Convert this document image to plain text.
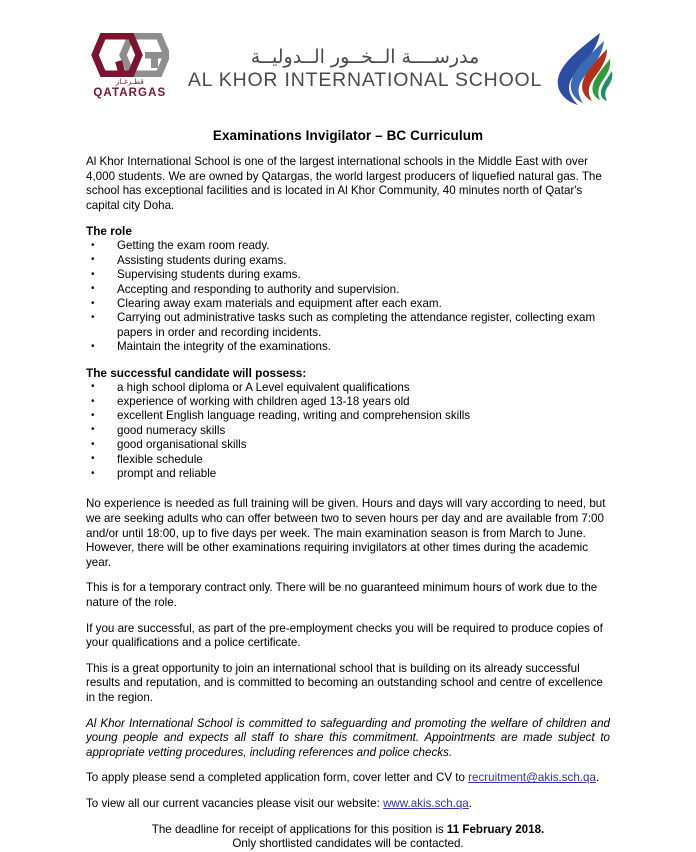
قطـرغـاز
QATARGAS
مدرســــة الــخــور الــدوليــة
AL KHOR INTERNATIONAL SCHOOL
Examinations Invigilator – BC Curriculum

Al Khor International School is one of the largest international schools in the Middle East with over 4,000 students. We are owned by Qatargas, the world largest producers of liquefied natural gas. The school has exceptional facilities and is located in Al Khor Community, 40 minutes north of Qatar's capital city Doha.

The role
• Getting the exam room ready.
• Assisting students during exams.
• Supervising students during exams.
• Accepting and responding to authority and supervision.
• Clearing away exam materials and equipment after each exam.
• Carrying out administrative tasks such as completing the attendance register, collecting exam papers in order and recording incidents.
• Maintain the integrity of the examinations.
The successful candidate will possess:
• a high school diploma or A Level equivalent qualifications
• experience of working with children aged 13-18 years old
• excellent English language reading, writing and comprehension skills
• good numeracy skills
• good organisational skills
• flexible schedule
• prompt and reliable

No experience is needed as full training will be given. Hours and days will vary according to need, but we are seeking adults who can offer between two to seven hours per day and are available from 7:00 and/or until 18:00, up to five days per week. The main examination season is from March to June. However, there will be other examinations requiring invigilators at other times during the academic year.

This is for a temporary contract only. There will be no guaranteed minimum hours of work due to the nature of the role.

If you are successful, as part of the pre-employment checks you will be required to produce copies of your qualifications and a police certificate.

This is a great opportunity to join an international school that is building on its already successful results and reputation, and is committed to becoming an outstanding school and centre of excellence in the region.

Al Khor International School is committed to safeguarding and promoting the welfare of children and young people and expects all staff to share this commitment. Appointments are made subject to appropriate vetting procedures, including references and police checks.

To apply please send a completed application form, cover letter and CV to recruitment@akis.sch.qa.

To view all our current vacancies please visit our website: www.akis.sch.qa.

The deadline for receipt of applications for this position is 11 February 2018.
Only shortlisted candidates will be contacted.
